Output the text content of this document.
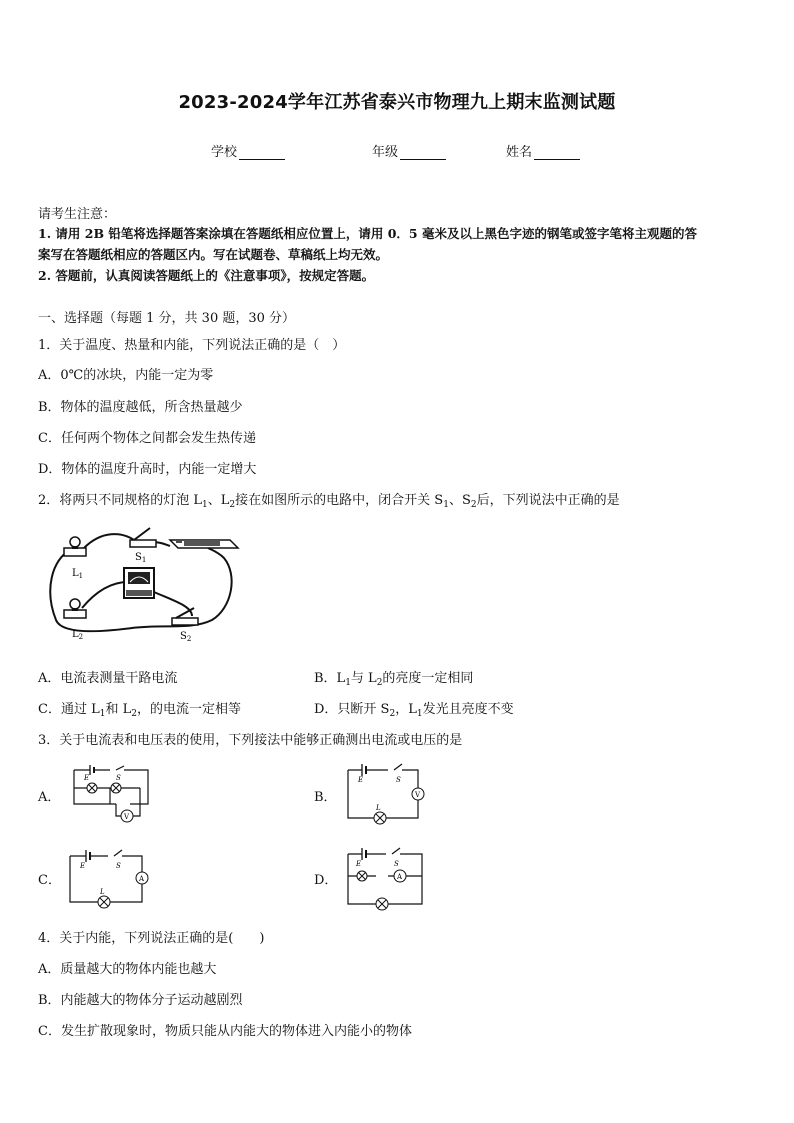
2023-2024学年江苏省泰兴市物理九上期末监测试题
学校	年级	姓名
请考生注意：
1. 请用 2B 铅笔将选择题答案涂填在答题纸相应位置上，请用 0．5 毫米及以上黑色字迹的钢笔或签字笔将主观题的答
案写在答题纸相应的答题区内。写在试题卷、草稿纸上均无效。
2. 答题前，认真阅读答题纸上的《注意事项》，按规定答题。
一、选择题（每题 1 分，共 30 题，30 分）
1．关于温度、热量和内能，下列说法正确的是（　）
A．0℃的冰块，内能一定为零
B．物体的温度越低，所含热量越少
C．任何两个物体之间都会发生热传递
D．物体的温度升高时，内能一定增大
2．将两只不同规格的灯泡 $L_1$、$L_2$接在如图所示的电路中，闭合开关 $S_1$、$S_2$后，下列说法中正确的是
$L_1$
$S_1$
$L_2$	$S_2$
A．电流表测量干路电流	B．$L_1$与 $L_2$的亮度一定相同
C．通过 $L_1$和 $L_2$，的电流一定相等	D．只断开 $S_2$，$L_1$发光且亮度不变
3．关于电流表和电压表的使用，下列接法中能够正确测出电流或电压的是
A．
V
E	S
B．	V
E	S
L
C．	A
E	S
L
D．	A
E	S
4．关于内能，下列说法正确的是(　　)
A．质量越大的物体内能也越大
B．内能越大的物体分子运动越剧烈
C．发生扩散现象时，物质只能从内能大的物体进入内能小的物体
